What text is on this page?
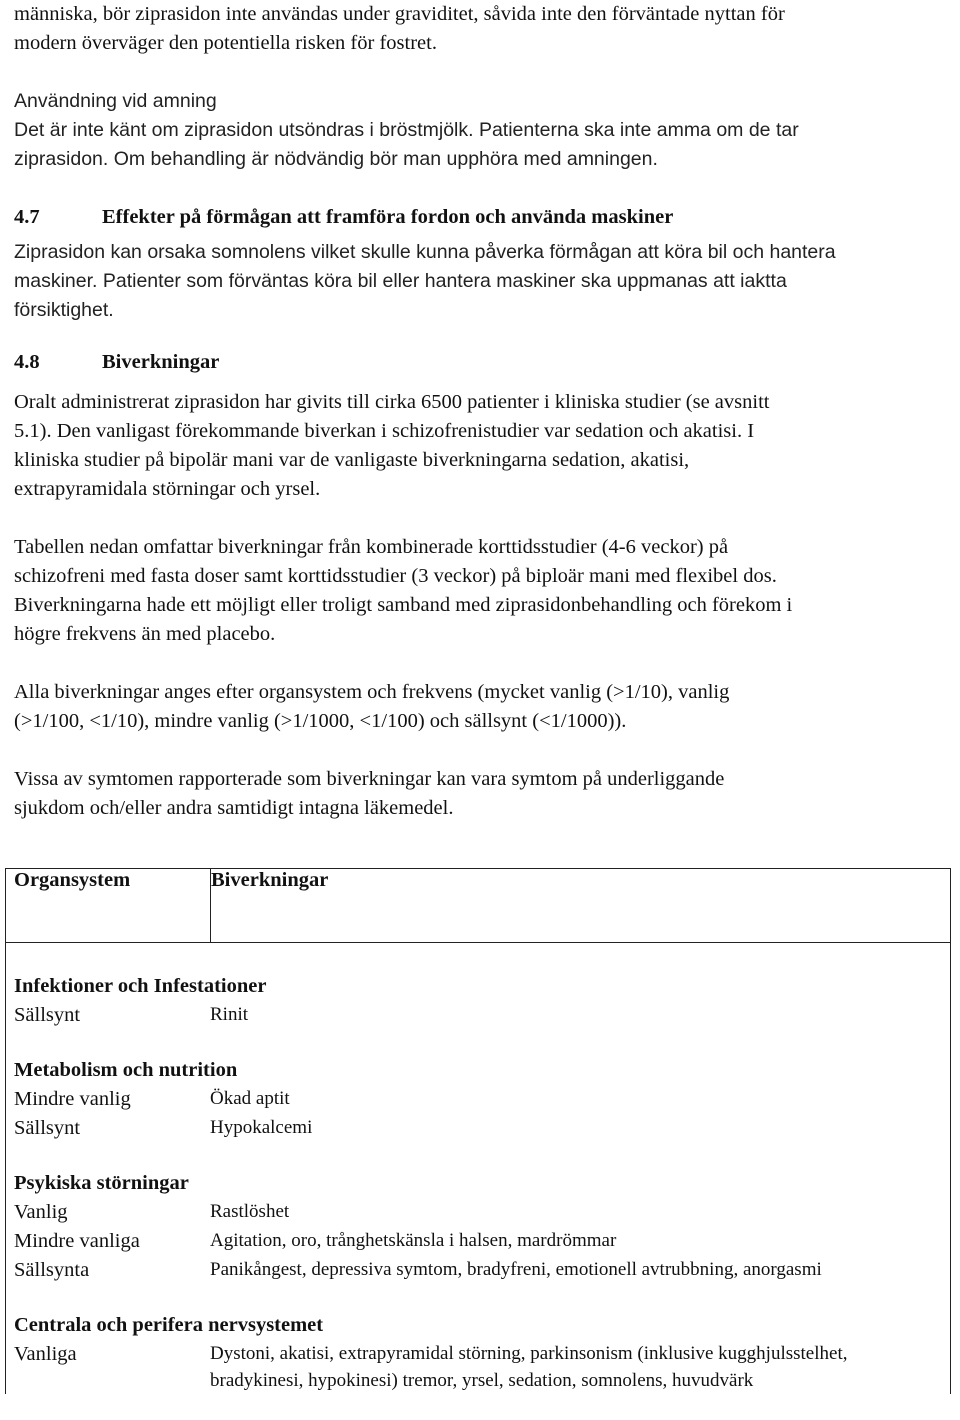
människa, bör ziprasidon inte användas under graviditet, såvida inte den förväntade nyttan för
modern överväger den potentiella risken för fostret.
Användning vid amning
Det är inte känt om ziprasidon utsöndras i bröstmjölk. Patienterna ska inte amma om de tar
ziprasidon. Om behandling är nödvändig bör man upphöra med amningen.
4.7	Effekter på förmågan att framföra fordon och använda maskiner
Ziprasidon kan orsaka somnolens vilket skulle kunna påverka förmågan att köra bil och hantera
maskiner. Patienter som förväntas köra bil eller hantera maskiner ska uppmanas att iaktta
försiktighet.
4.8	Biverkningar
Oralt administrerat ziprasidon har givits till cirka 6500 patienter i kliniska studier (se avsnitt
5.1). Den vanligast förekommande biverkan i schizofrenistudier var sedation och akatisi. I
kliniska studier på bipolär mani var de vanligaste biverkningarna sedation, akatisi,
extrapyramidala störningar och yrsel.
Tabellen nedan omfattar biverkningar från kombinerade korttidsstudier (4-6 veckor) på
schizofreni med fasta doser samt korttidsstudier (3 veckor) på biploär mani med flexibel dos.
Biverkningarna hade ett möjligt eller troligt samband med ziprasidonbehandling och förekom i
högre frekvens än med placebo.
Alla biverkningar anges efter organsystem och frekvens (mycket vanlig (>1/10), vanlig
(>1/100, <1/10), mindre vanlig (>1/1000, <1/100) och sällsynt (<1/1000)).
Vissa av symtomen rapporterade som biverkningar kan vara symtom på underliggande
sjukdom och/eller andra samtidigt intagna läkemedel.
Organsystem	Biverkningar

Infektioner och Infestationer
Sällsynt	Rinit
Metabolism och nutrition
Mindre vanlig	Ökad aptit
Sällsynt	Hypokalcemi
Psykiska störningar
Vanlig	Rastlöshet
Mindre vanliga	Agitation, oro, trånghetskänsla i halsen, mardrömmar
Sällsynta	Panikångest, depressiva symtom, bradyfreni, emotionell avtrubbning, anorgasmi
Centrala och perifera nervsystemet
Vanliga	Dystoni, akatisi, extrapyramidal störning, parkinsonism (inklusive kugghjulsstelhet, bradykinesi, hypokinesi) tremor, yrsel, sedation, somnolens, huvudvärk
